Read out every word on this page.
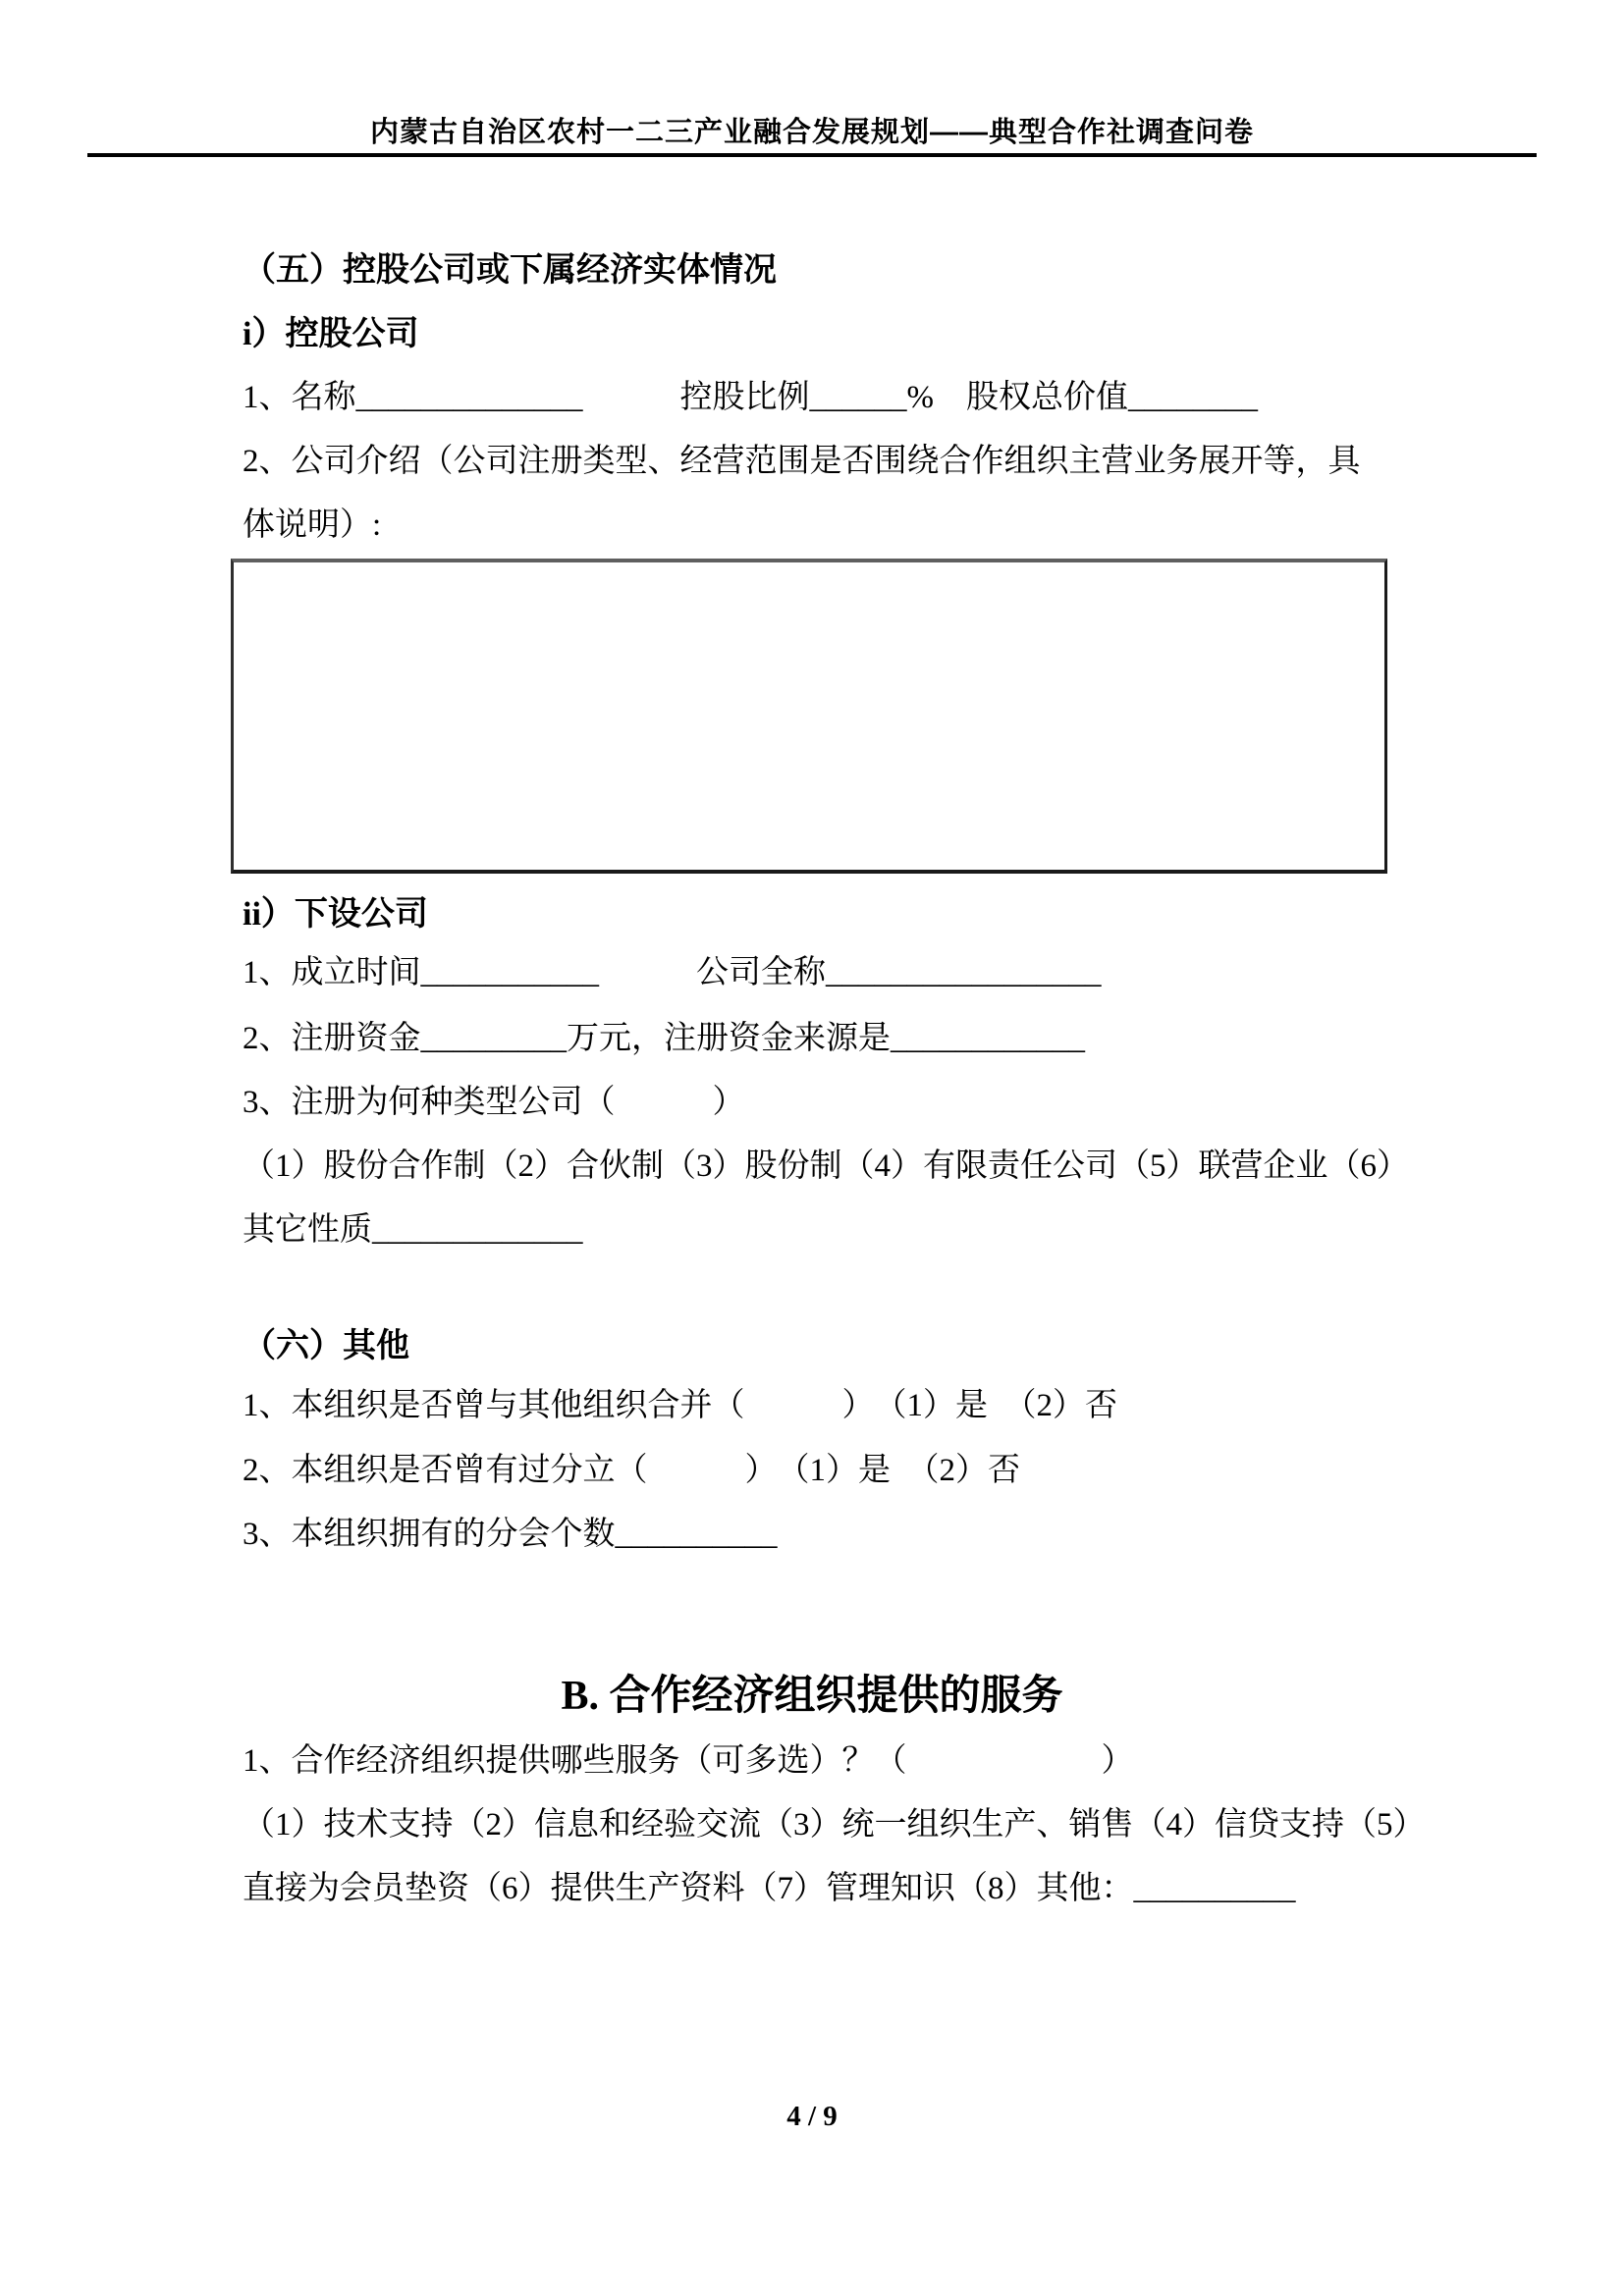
内蒙古自治区农村一二三产业融合发展规划——典型合作社调查问卷
（五）控股公司或下属经济实体情况
i）控股公司
1、名称______________　　　控股比例______%　股权总价值________
2、公司介绍（公司注册类型、经营范围是否围绕合作组织主营业务展开等，具
体说明）:
ii）下设公司
1、成立时间___________　　　公司全称_________________
2、注册资金_________万元，注册资金来源是____________
3、注册为何种类型公司（　　　）
（1）股份合作制（2）合伙制（3）股份制（4）有限责任公司（5）联营企业（6）
其它性质_____________
（六）其他
1、本组织是否曾与其他组织合并（　　　）　（1）是　（2）否
2、本组织是否曾有过分立（　　　）　（1）是　（2）否
3、本组织拥有的分会个数__________
B. 合作经济组织提供的服务
1、合作经济组织提供哪些服务（可多选）？（　　　　　　）
（1）技术支持（2）信息和经验交流（3）统一组织生产、销售（4）信贷支持（5）
直接为会员垫资（6）提供生产资料（7）管理知识（8）其他：__________
4 / 9
